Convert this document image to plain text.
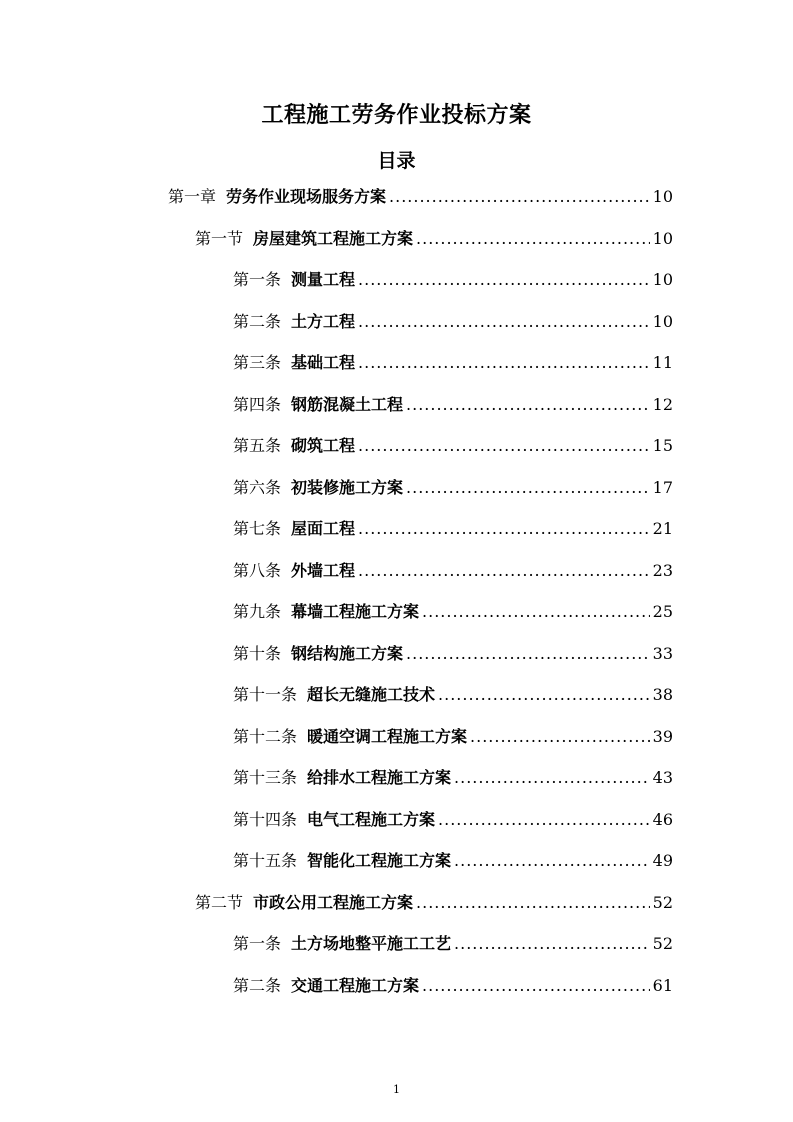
工程施工劳务作业投标方案
目录
第一章 劳务作业现场服务方案 .....	10
第一节 房屋建筑工程施工方案 .....	10
第一条 测量工程 .....	10
第二条 土方工程 .....	10
第三条 基础工程 .....	11
第四条 钢筋混凝土工程 .....	12
第五条 砌筑工程 .....	15
第六条 初装修施工方案 .....	17
第七条 屋面工程 .....	21
第八条 外墙工程 .....	23
第九条 幕墙工程施工方案 .....	25
第十条 钢结构施工方案 .....	33
第十一条 超长无缝施工技术 .....	38
第十二条 暖通空调工程施工方案 .....	39
第十三条 给排水工程施工方案 .....	43
第十四条 电气工程施工方案 .....	46
第十五条 智能化工程施工方案 .....	49
第二节 市政公用工程施工方案 .....	52
第一条 土方场地整平施工工艺 .....	52
第二条 交通工程施工方案 .....	61
1
